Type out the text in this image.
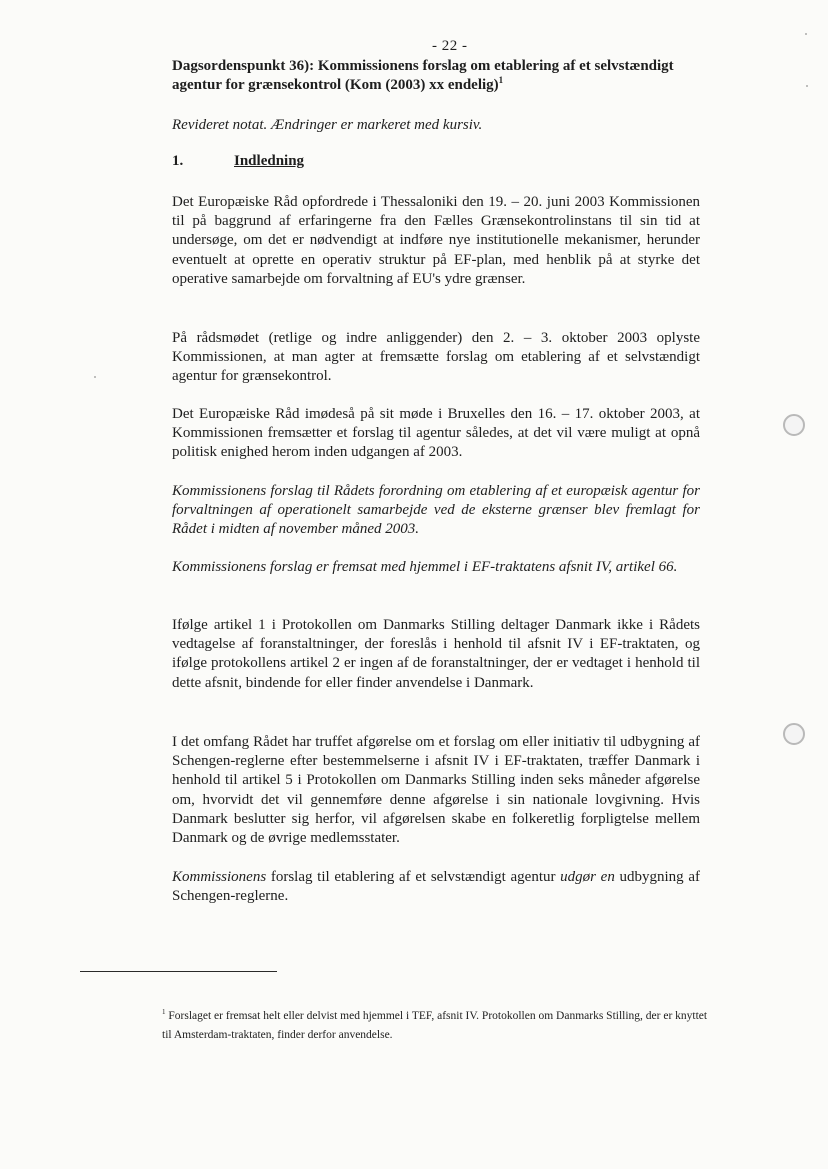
- 22 -
Dagsordenspunkt 36): Kommissionens forslag om etablering af et selvstændigt agentur for grænsekontrol (Kom (2003) xx endelig)$^1$
Revideret notat. Ændringer er markeret med kursiv.
1.	Indledning
Det Europæiske Råd opfordrede i Thessaloniki den 19. – 20. juni 2003 Kommissionen til på baggrund af erfaringerne fra den Fælles Grænsekontrolinstans til sin tid at undersøge, om det er nødvendigt at indføre nye institutionelle mekanismer, herunder eventuelt at oprette en operativ struktur på EF-plan, med henblik på at styrke det operative samarbejde om forvaltning af EU's ydre grænser.
På rådsmødet (retlige og indre anliggender) den 2. – 3. oktober 2003 oplyste Kommissionen, at man agter at fremsætte forslag om etablering af et selvstændigt agentur for grænsekontrol.
Det Europæiske Råd imødeså på sit møde i Bruxelles den 16. – 17. oktober 2003, at Kommissionen fremsætter et forslag til agentur således, at det vil være muligt at opnå politisk enighed herom inden udgangen af 2003.
Kommissionens forslag til Rådets forordning om etablering af et europæisk agentur for forvaltningen af operationelt samarbejde ved de eksterne grænser blev fremlagt for Rådet i midten af november måned 2003.
Kommissionens forslag er fremsat med hjemmel i EF-traktatens afsnit IV, artikel 66.
Ifølge artikel 1 i Protokollen om Danmarks Stilling deltager Danmark ikke i Rådets vedtagelse af foranstaltninger, der foreslås i henhold til afsnit IV i EF-traktaten, og ifølge protokollens artikel 2 er ingen af de foranstaltninger, der er vedtaget i henhold til dette afsnit, bindende for eller finder anvendelse i Danmark.
I det omfang Rådet har truffet afgørelse om et forslag om eller initiativ til udbygning af Schengen-reglerne efter bestemmelserne i afsnit IV i EF-traktaten, træffer Danmark i henhold til artikel 5 i Protokollen om Danmarks Stilling inden seks måneder afgørelse om, hvorvidt det vil gennemføre denne afgørelse i sin nationale lovgivning. Hvis Danmark beslutter sig herfor, vil afgørelsen skabe en folkeretlig forpligtelse mellem Danmark og de øvrige medlemsstater.
Kommissionens forslag til etablering af et selvstændigt agentur udgør en udbygning af Schengen-reglerne.
$^1$ Forslaget er fremsat helt eller delvist med hjemmel i TEF, afsnit IV. Protokollen om Danmarks Stilling, der er knyttet til Amsterdam-traktaten, finder derfor anvendelse.
